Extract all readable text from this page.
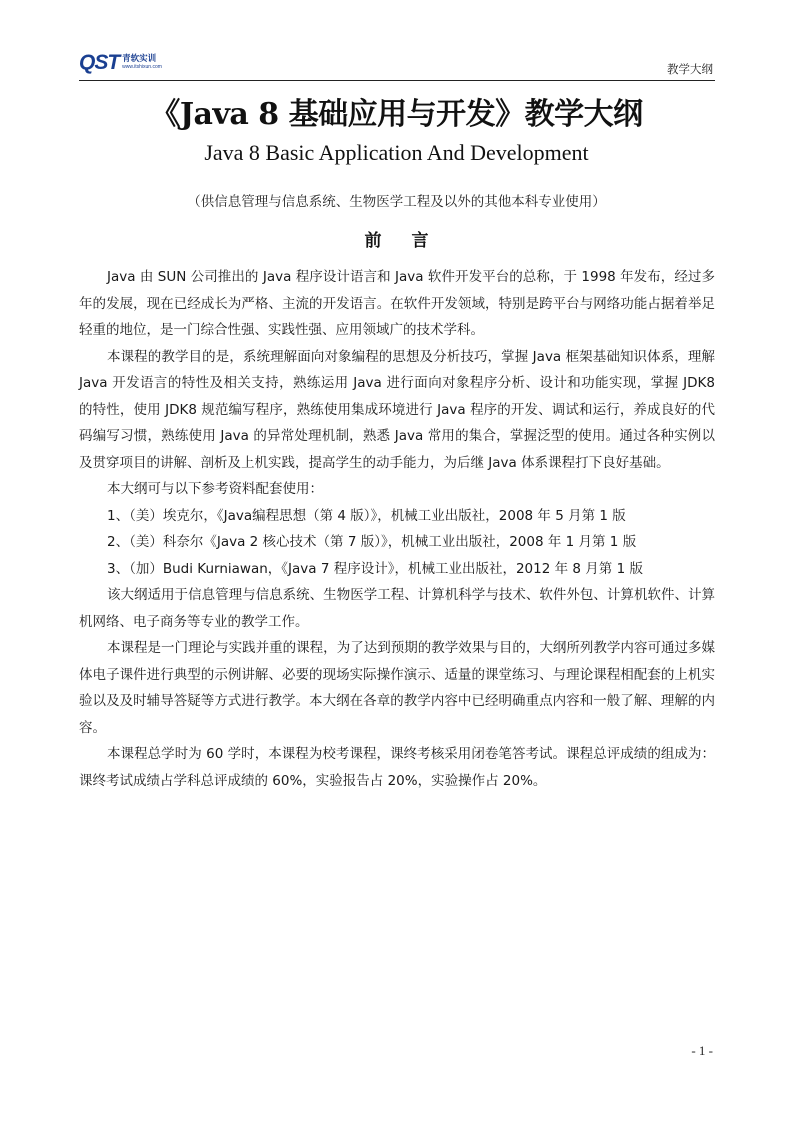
QST 青软实训
www.itshixun.com	教学大纲
《Java 8 基础应用与开发》教学大纲
Java 8 Basic Application And Development
（供信息管理与信息系统、生物医学工程及以外的其他本科专业使用）
前言

Java 由 SUN 公司推出的 Java 程序设计语言和 Java 软件开发平台的总称，于 1998 年发布，经过多年的发展，现在已经成长为严格、主流的开发语言。在软件开发领域，特别是跨平台与网络功能占据着举足轻重的地位，是一门综合性强、实践性强、应用领域广的技术学科。

本课程的教学目的是，系统理解面向对象编程的思想及分析技巧，掌握 Java 框架基础知识体系，理解 Java 开发语言的特性及相关支持，熟练运用 Java 进行面向对象程序分析、设计和功能实现，掌握 JDK8 的特性，使用 JDK8 规范编写程序，熟练使用集成环境进行 Java 程序的开发、调试和运行，养成良好的代码编写习惯，熟练使用 Java 的异常处理机制，熟悉 Java 常用的集合，掌握泛型的使用。通过各种实例以及贯穿项目的讲解、剖析及上机实践，提高学生的动手能力，为后继 Java 体系课程打下良好基础。

本大纲可与以下参考资料配套使用：

1、（美）埃克尔，《Java编程思想（第 4 版）》，机械工业出版社，2008 年 5 月第 1 版

2、（美）科奈尔《Java 2 核心技术（第 7 版）》，机械工业出版社，2008 年 1 月第 1 版

3、（加）Budi Kurniawan，《Java 7 程序设计》，机械工业出版社，2012 年 8 月第 1 版

该大纲适用于信息管理与信息系统、生物医学工程、计算机科学与技术、软件外包、计算机软件、计算机网络、电子商务等专业的教学工作。

本课程是一门理论与实践并重的课程，为了达到预期的教学效果与目的，大纲所列教学内容可通过多媒体电子课件进行典型的示例讲解、必要的现场实际操作演示、适量的课堂练习、与理论课程相配套的上机实验以及及时辅导答疑等方式进行教学。本大纲在各章的教学内容中已经明确重点内容和一般了解、理解的内容。

本课程总学时为 60 学时，本课程为校考课程，课终考核采用闭卷笔答考试。课程总评成绩的组成为：课终考试成绩占学科总评成绩的 60%，实验报告占 20%，实验操作占 20%。

- 1 -
